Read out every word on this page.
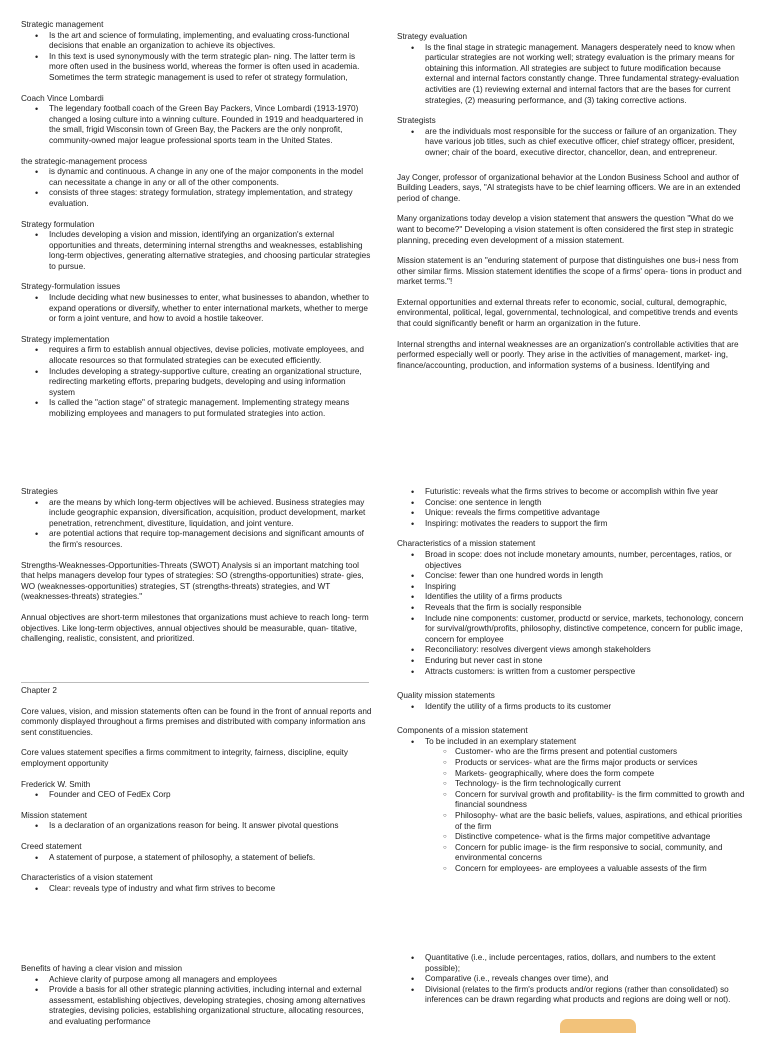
Strategic management
• Is the art and science of formulating, implementing, and evaluating cross-functional decisions that enable an organization to achieve its objectives.
• In this text is used synonymously with the term strategic plan- ning. The latter term is more often used in the business world, whereas the former is often used in academia. Sometimes the term strategic management is used to refer ot strategy formulation,
Coach Vince Lombardi
• The legendary football coach of the Green Bay Packers, Vince Lombardi (1913-1970) changed a losing culture into a winning culture. Founded in 1919 and headquartered in the small, frigid Wisconsin town of Green Bay, the Packers are the only nonprofit, community-owned major league professional sports team in the United States.
the strategic-management process
• is dynamic and continuous. A change in any one of the major components in the model can necessitate a change in any or all of the other components.
• consists of three stages: strategy formulation, strategy implementation, and strategy evaluation.
Strategy formulation
• Includes developing a vision and mission, identifying an organization's external opportunities and threats, determining internal strengths and weaknesses, establishing long-term objectives, generating alternative strategies, and choosing particular strategies to pursue.
Strategy-formulation issues
• Include deciding what new businesses to enter, what businesses to abandon, whether to expand operations or diversify, whether to enter international markets, whether to merge or form a joint venture, and how to avoid a hostile takeover.
Strategy implementation
• requires a firm to establish annual objectives, devise policies, motivate employees, and allocate resources so that formulated strategies can be executed efficiently.
• Includes developing a strategy-supportive culture, creating an organizational structure, redirecting marketing efforts, preparing budgets, developing and using information system
• Is called the "action stage" of strategic management. Implementing strategy means mobilizing employees and managers to put formulated strategies into action.
Strategy evaluation
• Is the final stage in strategic management. Managers desperately need to know when particular strategies are not working well; strategy evaluation is the primary means for obtaining this information. All strategies are subject to future modification because external and internal factors constantly change. Three fundamental strategy-evaluation activities are (1) reviewing external and internal factors that are the bases for current strategies, (2) measuring performance, and (3) taking corrective actions.
Strategists
• are the individuals most responsible for the success or failure of an organization. They have various job titles, such as chief executive officer, chief strategy officer, president, owner; chair of the board, executive director, chancellor, dean, and entrepreneur.

Jay Conger, professor of organizational behavior at the London Business School and author of Building Leaders, says, "Al strategists have to be chief learning officers. We are in an extended period of change.

Many organizations today develop a vision statement that answers the question "What do we want to become?" Developing a vision statement is often considered the first step in strategic planning, preceding even development of a mission statement.

Mission statement is an "enduring statement of purpose that distinguishes one bus-i ness from other similar firms. Mission statement identifies the scope of a firms' opera- tions in product and market terms."!

External opportunities and external threats refer to economic, social, cultural, demographic, environmental, political, legal, governmental, technological, and competitive trends and events that could significantly benefit or harm an organization in the future.

Internal strengths and internal weaknesses are an organization's controllable activities that are performed especially well or poorly. They arise in the activities of management, market- ing, finance/accounting, production, and information systems of a business. Identifying and

Strategies
• are the means by which long-term objectives will be achieved. Business strategies may include geographic expansion, diversification, acquisition, product development, market penetration, retrenchment, divestiture, liquidation, and joint venture.
• are potential actions that require top-management decisions and significant amounts of the firm's resources.

Strengths-Weaknesses-Opportunities-Threats (SWOT) Analysis si an important matching tool that helps managers develop four types of strategies: SO (strengths-opportunities) strate- gies, WO (weaknesses-opportunities) strategies, ST (strengths-threats) strategies, and WT (weaknesses-threats) strategies."

Annual objectives are short-term milestones that organizations must achieve to reach long- term objectives. Like long-term objectives, annual objectives should be measurable, quan- titative, challenging, realistic, consistent, and prioritized.

Chapter 2

Core values, vision, and mission statements often can be found in the front of annual reports and commonly displayed throughout a firms premises and distributed with company information ans sent constituencies.

Core values statement specifies a firms commitment to integrity, fairness, discipline, equity employment opportunity

Frederick W. Smith
• Founder and CEO of FedEx Corp
Mission statement
• Is a declaration of an organizations reason for being. It answer pivotal questions
Creed statement
• A statement of purpose, a statement of philosophy, a statement of beliefs.
Characteristics of a vision statement
• Clear: reveals type of industry and what firm strives to become
• Futuristic: reveals what the firms strives to become or accomplish within five year
• Concise: one sentence in length
• Unique: reveals the firms competitive advantage
• Inspiring: motivates the readers to support the firm
Characteristics of a mission statement
• Broad in scope: does not include monetary amounts, number, percentages, ratios, or objectives
• Concise: fewer than one hundred words in length
• Inspiring
• Identifies the utility of a firms products
• Reveals that the firm is socially responsible
• Include nine components: customer, productd or service, markets, techonology, concern for survival/growth/profits, philosophy, distinctive competence, concern for public image, concern for employee
• Reconciliatory: resolves divergent views amongh stakeholders
• Enduring but never cast in stone
• Attracts customers: is written from a customer perspective
Quality mission statements
• Identify the utility of a firms products to its customer
Components of a mission statement
• To be included in an exemplary statement
○ Customer- who are the firms present and potential customers
○ Products or services- what are the firms major products or services
○ Markets- geographically, where does the form compete
○ Technology- is the firm technologically current
○ Concern for survival growth and profitability- is the firm committed to growth and financial soundness
○ Philosophy- what are the basic beliefs, values, aspirations, and ethical priorities of the firm
○ Distinctive competence- what is the firms major competitive advantage
○ Concern for public image- is the firm responsive to social, community, and environmental concerns
○ Concern for employees- are employees a valuable assests of the firm
Benefits of having a clear vision and mission
• Achieve clarity of purpose among all managers and employees
• Provide a basis for all other strategic planning activities, including internal and external assessment, establishing objectives, developing strategies, chosing among alternatives strategies, devising policies, establishing organizational structure, allocating resources, and evaluating performance
• Quantitative (i.e., include percentages, ratios, dollars, and numbers to the extent possible);
• Comparative (i.e., reveals changes over time), and
• Divisional (relates to the firm's products and/or regions (rather than consolidated) so inferences can be drawn regarding what products and regions are doing well or not).
